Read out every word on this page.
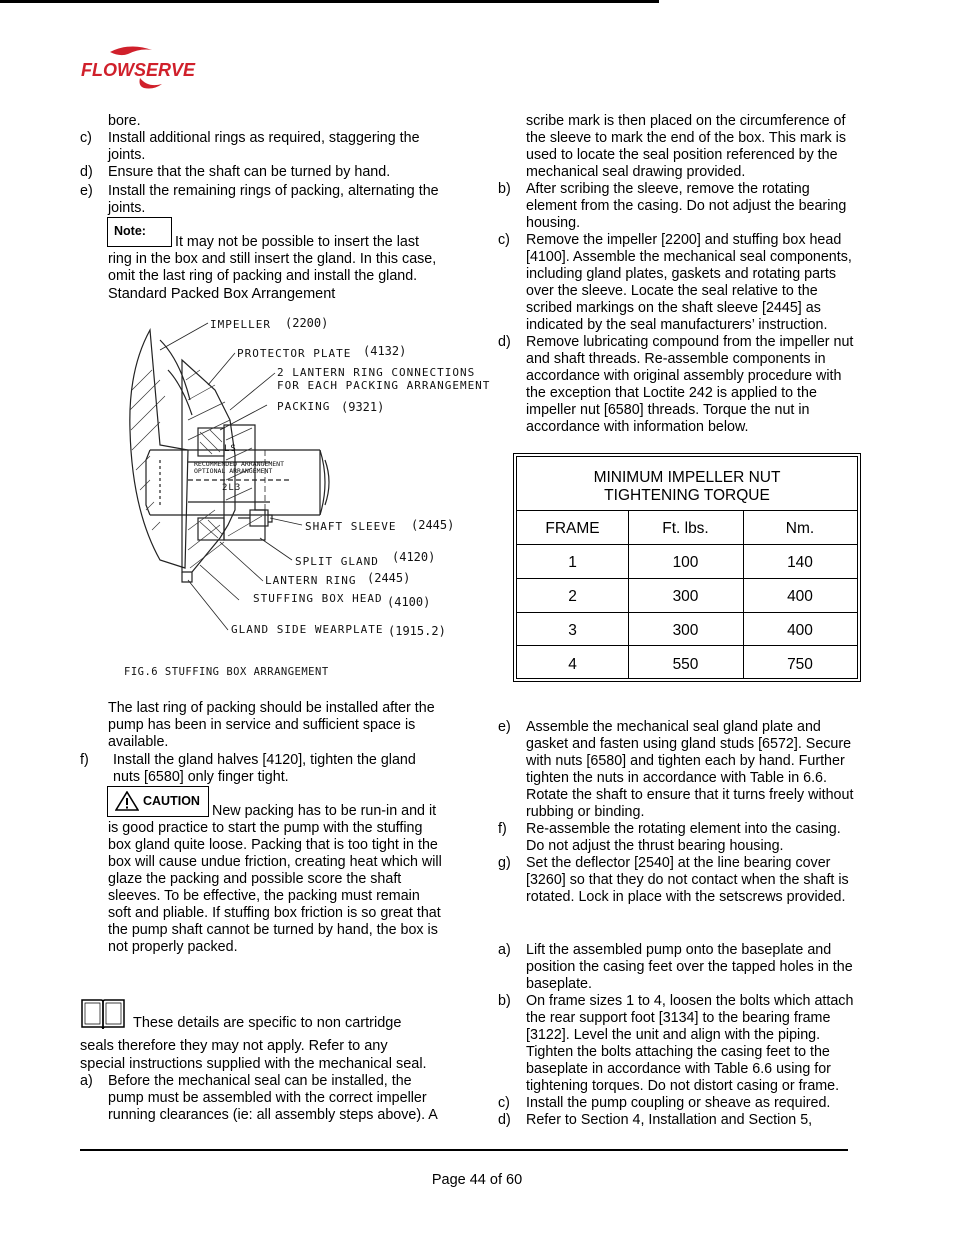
FLOWSERVE
bore.
c) Install additional rings as required, staggering the
joints.
d) Ensure that the shaft can be turned by hand.
e) Install the remaining rings of packing, alternating the
joints.
Note:
It may not be possible to insert the last
ring in the box and still insert the gland. In this case,
omit the last ring of packing and install the gland.
Standard Packed Box Arrangement
IMPELLER (2200)
PROTECTOR PLATE (4132)
2 LANTERN RING CONNECTIONS
FOR EACH PACKING ARRANGEMENT
PACKING (9321)
LS
RECOMMENDED ARRANGEMENT
OPTIONAL ARRANGEMENT
2L3
SHAFT SLEEVE (2445)
SPLIT GLAND (4120)
LANTERN RING (2445)
STUFFING BOX HEAD (4100)
GLAND SIDE WEARPLATE (1915.2)
FIG.6 STUFFING BOX ARRANGEMENT
The last ring of packing should be installed after the
pump has been in service and sufficient space is
available.
f) Install the gland halves [4120], tighten the gland
nuts [6580] only finger tight.
CAUTION
New packing has to be run-in and it
is good practice to start the pump with the stuffing
box gland quite loose. Packing that is too tight in the
box will cause undue friction, creating heat which will
glaze the packing and possible score the shaft
sleeves. To be effective, the packing must remain
soft and pliable. If stuffing box friction is so great that
the pump shaft cannot be turned by hand, the box is
not properly packed.
These details are specific to non cartridge
seals therefore they may not apply. Refer to any
special instructions supplied with the mechanical seal.
a) Before the mechanical seal can be installed, the
pump must be assembled with the correct impeller
running clearances (ie: all assembly steps above). A
scribe mark is then placed on the circumference of
the sleeve to mark the end of the box. This mark is
used to locate the seal position referenced by the
mechanical seal drawing provided.
b) After scribing the sleeve, remove the rotating
element from the casing. Do not adjust the bearing
housing.
c) Remove the impeller [2200] and stuffing box head
[4100]. Assemble the mechanical seal components,
including gland plates, gaskets and rotating parts
over the sleeve. Locate the seal relative to the
scribed markings on the shaft sleeve [2445] as
indicated by the seal manufacturers’ instruction.
d) Remove lubricating compound from the impeller nut
and shaft threads. Re-assemble components in
accordance with original assembly procedure with
the exception that Loctite 242 is applied to the
impeller nut [6580] threads. Torque the nut in
accordance with information below.
MINIMUM IMPELLER NUT
TIGHTENING TORQUE
FRAME	Ft. lbs.	Nm.
1	100	140
2	300	400
3	300	400
4	550	750
e) Assemble the mechanical seal gland plate and
gasket and fasten using gland studs [6572]. Secure
with nuts [6580] and tighten each by hand. Further
tighten the nuts in accordance with Table in 6.6.
Rotate the shaft to ensure that it turns freely without
rubbing or binding.
f) Re-assemble the rotating element into the casing.
Do not adjust the thrust bearing housing.
g) Set the deflector [2540] at the line bearing cover
[3260] so that they do not contact when the shaft is
rotated. Lock in place with the setscrews provided.
a) Lift the assembled pump onto the baseplate and
position the casing feet over the tapped holes in the
baseplate.
b) On frame sizes 1 to 4, loosen the bolts which attach
the rear support foot [3134] to the bearing frame
[3122]. Level the unit and align with the piping.
Tighten the bolts attaching the casing feet to the
baseplate in accordance with Table 6.6 using for
tightening torques. Do not distort casing or frame.
c) Install the pump coupling or sheave as required.
d) Refer to Section 4, Installation and Section 5,
Page 44 of 60
